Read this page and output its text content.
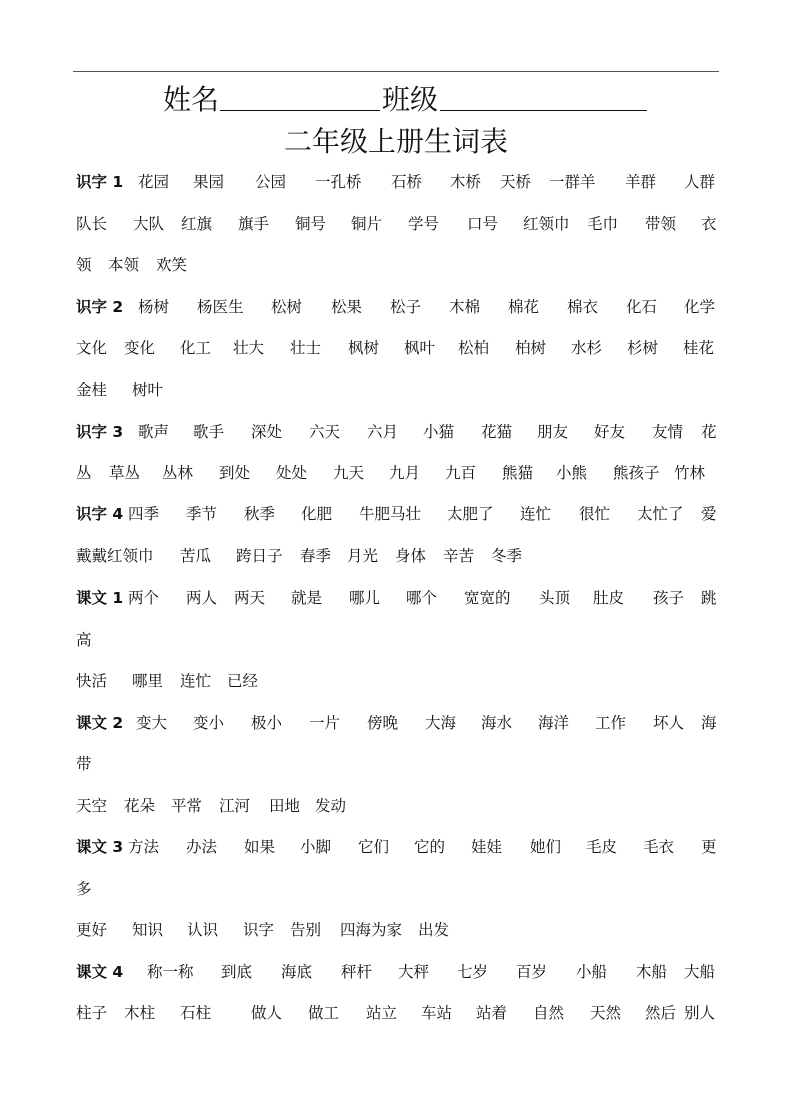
姓名	班级
二年级上册生词表
识字 1 花园 果园 公园 一孔桥 石桥 木桥 天桥 一群羊 羊群 人群
队长 大队 红旗 旗手 铜号 铜片 学号 口号 红领巾 毛巾 带领 衣
领 本领 欢笑
识字 2 杨树 杨医生 松树 松果 松子 木棉 棉花 棉衣 化石 化学
文化 变化 化工 壮大 壮士 枫树 枫叶 松柏 柏树 水杉 杉树 桂花
金桂 树叶
识字 3 歌声 歌手 深处 六天 六月 小猫 花猫 朋友 好友 友情 花
丛 草丛 丛林 到处 处处 九天 九月 九百 熊猫 小熊 熊孩子 竹林
识字 4 四季 季节 秋季 化肥 牛肥马壮 太肥了 连忙 很忙 太忙了 爱
戴戴红领巾 苦瓜 跨日子 春季 月光 身体 辛苦 冬季
课文 1 两个 两人 两天 就是 哪儿 哪个 宽宽的 头顶 肚皮 孩子 跳
高
快活 哪里 连忙 已经
课文 2 变大 变小 极小 一片 傍晚 大海 海水 海洋 工作 坏人 海
带
天空 花朵 平常 江河 田地 发动
课文 3 方法 办法 如果 小脚 它们 它的 娃娃 她们 毛皮 毛衣 更
多
更好 知识 认识 识字 告别 四海为家 出发
课文 4 称一称 到底 海底 秤杆 大秤 七岁 百岁 小船 木船 大船
柱子 木柱 石柱	做人 做工 站立 车站 站着 自然 天然 然后 别人
